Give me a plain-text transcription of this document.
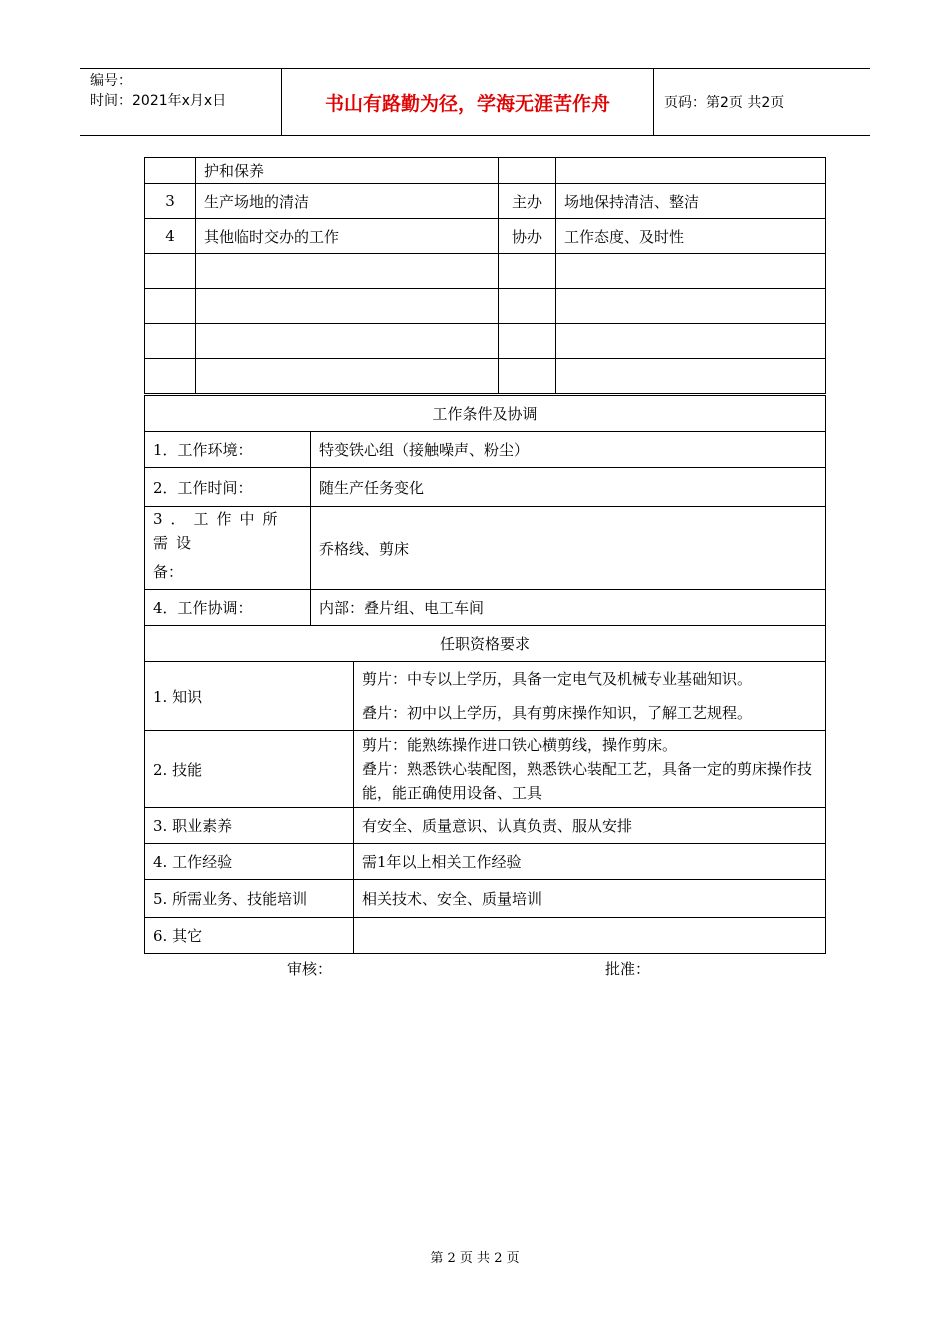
编号：
时间：2021年x月x日	书山有路勤为径，学海无涯苦作舟	页码：第2页 共2页
	护和保养		
3	生产场地的清洁	主办	场地保持清洁、整洁
4	其他临时交办的工作	协办	工作态度、及时性

工作条件及协调		
1．工作环境：	特变铁心组（接触噪声、粉尘）	
2．工作时间：	随生产任务变化	

3．工作中所需设
备：	乔格线、剪床	
4．工作协调：	内部：叠片组、电工车间	
任职资格要求		
1. 知识		剪片：中专以上学历，具备一定电气及机械专业基础知识。
叠片：初中以上学历，具有剪床操作知识，了解工艺规程。

2. 技能		剪片：能熟练操作进口铁心横剪线，操作剪床。
叠片：熟悉铁心装配图，熟悉铁心装配工艺，具备一定的剪床操作技能，能正确使用设备、工具

3. 职业素养		有安全、质量意识、认真负责、服从安排
4. 工作经验		需1年以上相关工作经验
5. 所需业务、技能培训		相关技术、安全、质量培训
6. 其它		
审核：	批准：
第 2 页 共 2 页
